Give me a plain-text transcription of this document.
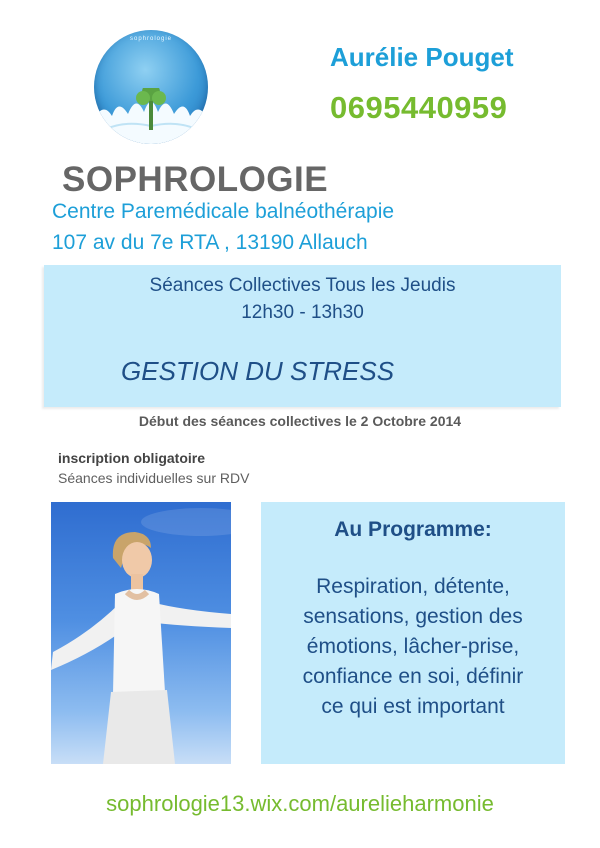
sophrologie
Aurélie Pouget
0695440959
SOPHROLOGIE
Centre Paremédicale balnéothérapie
107 av du 7e RTA , 13190 Allauch
Séances Collectives Tous les Jeudis
12h30 - 13h30
GESTION DU STRESS
Début des séances collectives le 2 Octobre 2014
inscription obligatoire
Séances individuelles sur RDV
Au Programme:
Respiration, détente,
sensations, gestion des
émotions, lâcher-prise,
confiance en soi, définir
ce qui est important
sophrologie13.wix.com/aurelieharmonie
